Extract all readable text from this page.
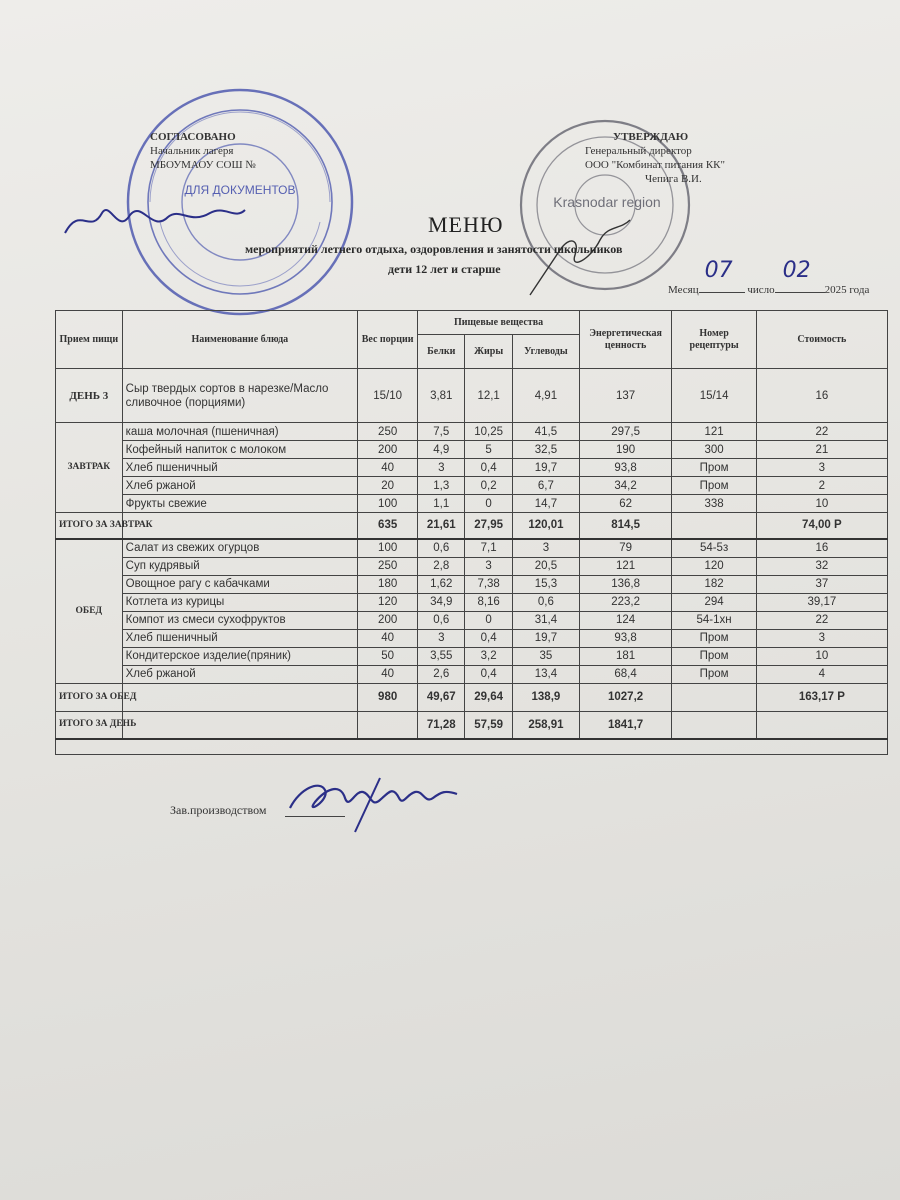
ДЛЯ ДОКУМЕНТОВ
Krasnodar region
СОГЛАСОВАНО
Начальник лагеря
МБОУМАОУ СОШ №
УТВЕРЖДАЮ
Генеральный директор
ООО "Комбинат питания КК"
Чепига В.И.
МЕНЮ
мероприятий летнего отдыха, оздоровления и занятости школьников
дети 12 лет и старше
Месяц
07
число
02
2025 года
Прием пищи	Наименование блюда	Вес порции	Пищевые вещества			Энергетическая ценность	Номер рецептуры	Стоимость
			Белки	Жиры	Углеводы			
ДЕНЬ 3	Сыр твердых сортов в нарезке/Масло сливочное (порциями)	15/10	3,81	12,1	4,91	137	15/14	16
ЗАВТРАК	каша молочная (пшеничная)	250	7,5	10,25	41,5	297,5	121	22
	Кофейный напиток с молоком	200	4,9	5	32,5	190	300	21
	Хлеб пшеничный	40	3	0,4	19,7	93,8	Пром	3
	Хлеб ржаной	20	1,3	0,2	6,7	34,2	Пром	2
	Фрукты свежие	100	1,1	0	14,7	62	338	10
ИТОГО ЗА ЗАВТРАК		635	21,61	27,95	120,01	814,5		74,00 Р
ОБЕД	Салат из свежих огурцов	100	0,6	7,1	3	79	54-5з	16
	Суп кудрявый	250	2,8	3	20,5	121	120	32
	Овощное рагу с кабачками	180	1,62	7,38	15,3	136,8	182	37
	Котлета из курицы	120	34,9	8,16	0,6	223,2	294	39,17
	Компот из смеси сухофруктов	200	0,6	0	31,4	124	54-1хн	22
	Хлеб пшеничный	40	3	0,4	19,7	93,8	Пром	3
	Кондитерское изделие(пряник)	50	3,55	3,2	35	181	Пром	10
	Хлеб ржаной	40	2,6	0,4	13,4	68,4	Пром	4
ИТОГО ЗА ОБЕД		980	49,67	29,64	138,9	1027,2		163,17 Р
ИТОГО ЗА ДЕНЬ			71,28	57,59	258,91	1841,7		

Зав.производством
